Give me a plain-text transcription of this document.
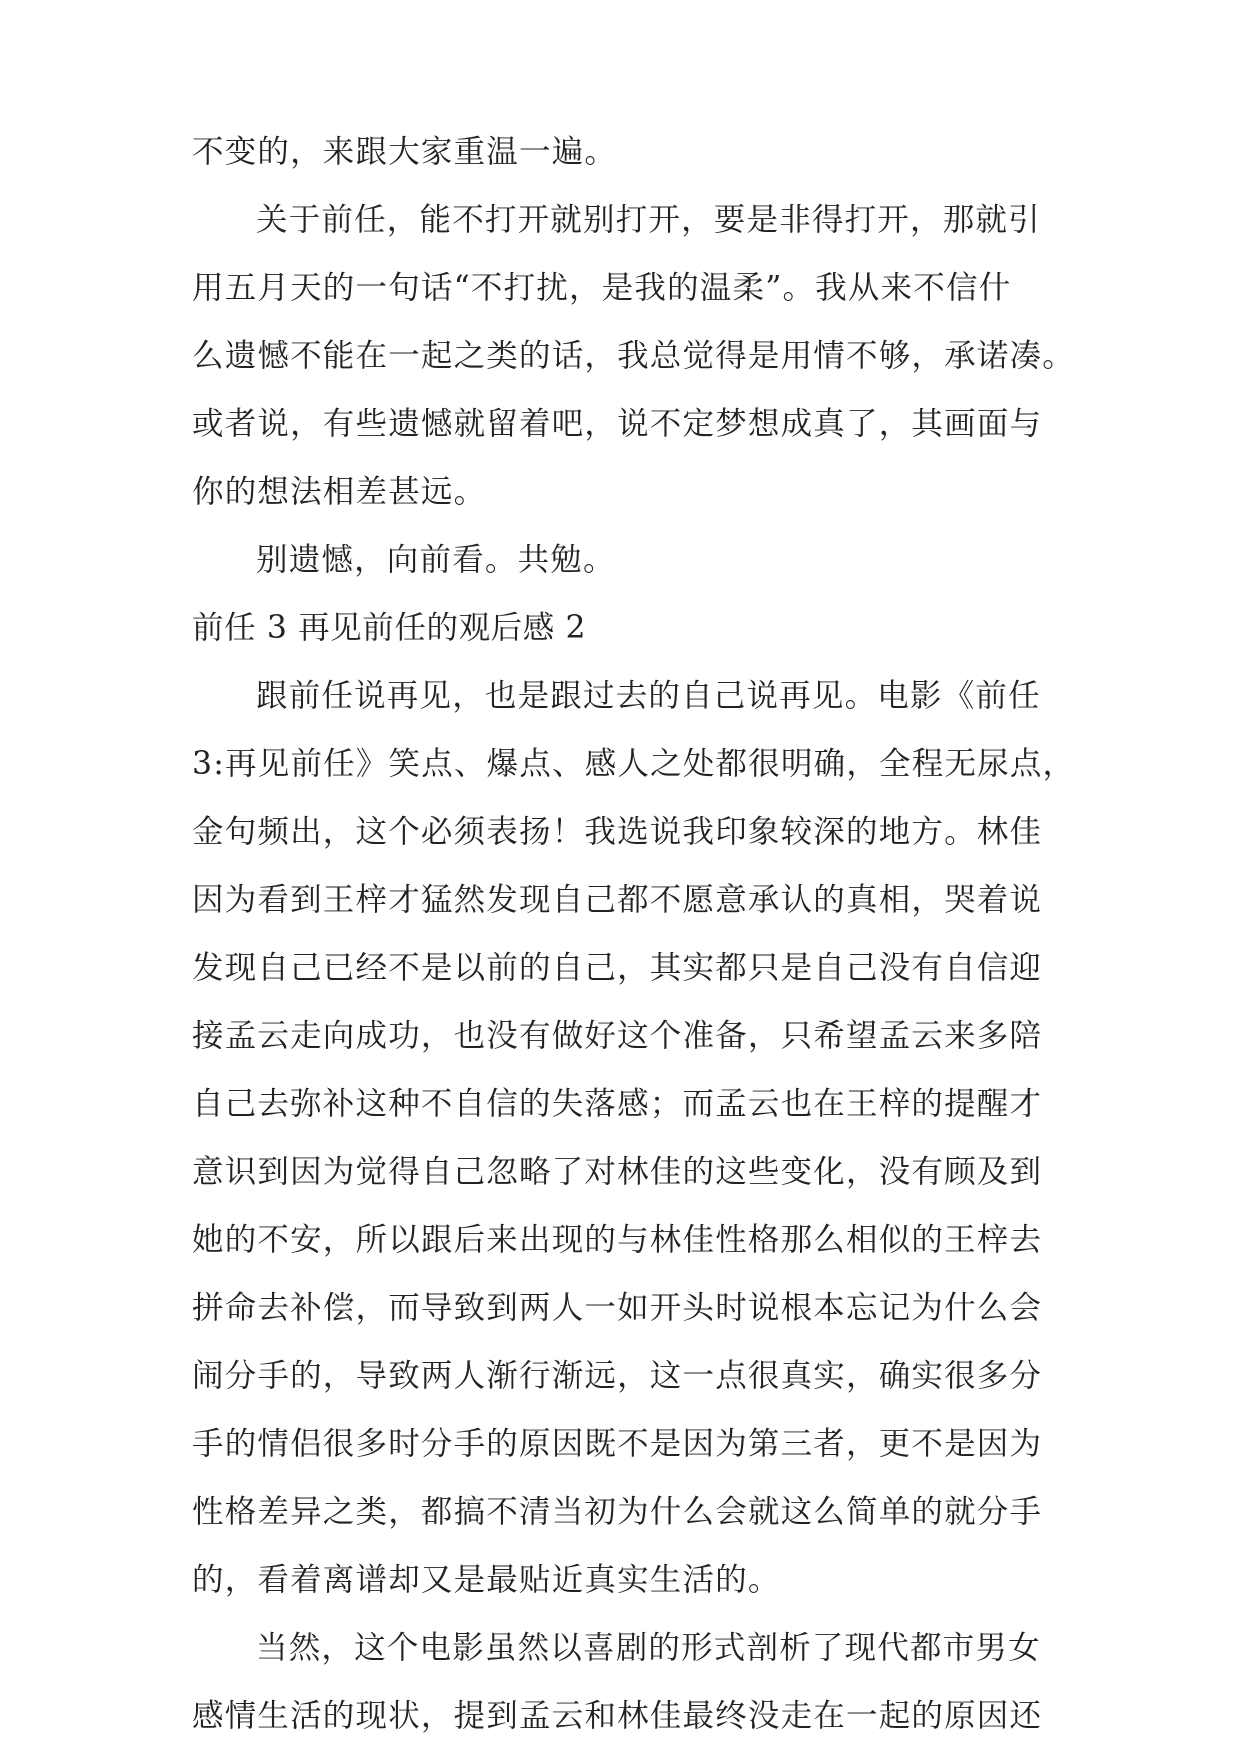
不变的，来跟大家重温一遍。
关于前任，能不打开就别打开，要是非得打开，那就引
用五月天的一句话“不打扰，是我的温柔”。我从来不信什
么遗憾不能在一起之类的话，我总觉得是用情不够，承诺凑。
或者说，有些遗憾就留着吧，说不定梦想成真了，其画面与
你的想法相差甚远。
别遗憾，向前看。共勉。
前任 3 再见前任的观后感 2
跟前任说再见，也是跟过去的自己说再见。电影《前任
3:再见前任》笑点、爆点、感人之处都很明确，全程无尿点，
金句频出，这个必须表扬！我选说我印象较深的地方。林佳
因为看到王梓才猛然发现自己都不愿意承认的真相，哭着说
发现自己已经不是以前的自己，其实都只是自己没有自信迎
接孟云走向成功，也没有做好这个准备，只希望孟云来多陪
自己去弥补这种不自信的失落感；而孟云也在王梓的提醒才
意识到因为觉得自己忽略了对林佳的这些变化，没有顾及到
她的不安，所以跟后来出现的与林佳性格那么相似的王梓去
拼命去补偿，而导致到两人一如开头时说根本忘记为什么会
闹分手的，导致两人渐行渐远，这一点很真实，确实很多分
手的情侣很多时分手的原因既不是因为第三者，更不是因为
性格差异之类，都搞不清当初为什么会就这么简单的就分手
的，看着离谱却又是最贴近真实生活的。
当然，这个电影虽然以喜剧的形式剖析了现代都市男女
感情生活的现状，提到孟云和林佳最终没走在一起的原因还
